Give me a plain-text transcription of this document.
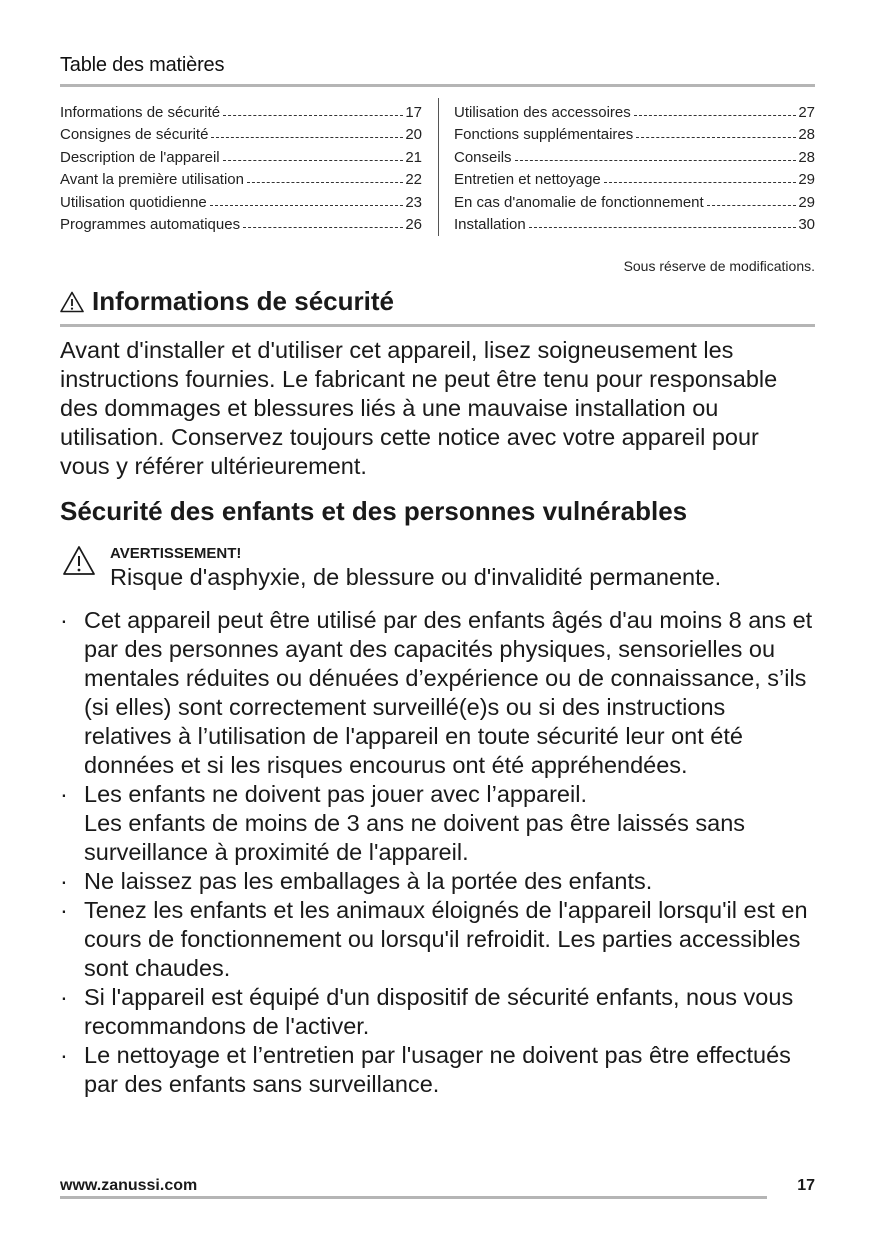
Table des matières
Informations de sécurité	17
Consignes de sécurité	20
Description de l'appareil	21
Avant la première utilisation	22
Utilisation quotidienne	23
Programmes automatiques	26
Utilisation des accessoires	27
Fonctions supplémentaires	28
Conseils	28
Entretien et nettoyage	29
En cas d'anomalie de fonctionnement	29
Installation	30
Sous réserve de modifications.
Informations de sécurité
Avant d'installer et d'utiliser cet appareil, lisez soigneusement les instructions fournies. Le fabricant ne peut être tenu pour responsable des dommages et blessures liés à une mauvaise installation ou utilisation. Conservez toujours cette notice avec votre appareil pour vous y référer ultérieurement.
Sécurité des enfants et des personnes vulnérables
AVERTISSEMENT!
Risque d'asphyxie, de blessure ou d'invalidité permanente.
· Cet appareil peut être utilisé par des enfants âgés d'au moins 8 ans et par des personnes ayant des capacités physiques, sensorielles ou mentales réduites ou dénuées d’expérience ou de connaissance, s’ils (si elles) sont correctement surveillé(e)s ou si des instructions relatives à l’utilisation de l'appareil en toute sécurité leur ont été données et si les risques encourus ont été appréhendées.
· Les enfants ne doivent pas jouer avec l’appareil.
Les enfants de moins de 3 ans ne doivent pas être laissés sans surveillance à proximité de l'appareil.
· Ne laissez pas les emballages à la portée des enfants.
· Tenez les enfants et les animaux éloignés de l'appareil lorsqu'il est en cours de fonctionnement ou lorsqu'il refroidit. Les parties accessibles sont chaudes.
· Si l'appareil est équipé d'un dispositif de sécurité enfants, nous vous recommandons de l'activer.
· Le nettoyage et l’entretien par l'usager ne doivent pas être effectués par des enfants sans surveillance.
www.zanussi.com	17
